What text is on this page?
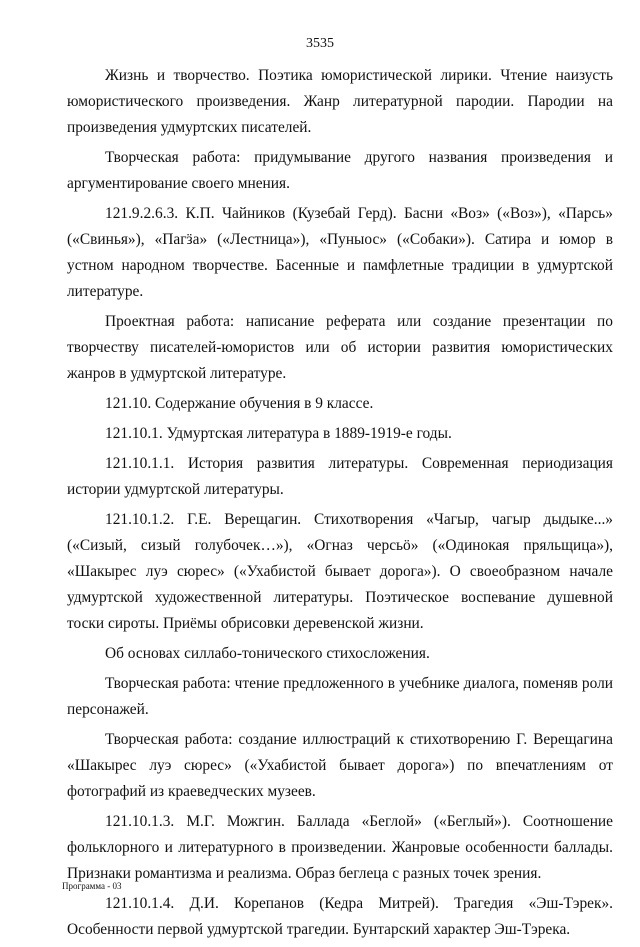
3535

Жизнь и творчество. Поэтика юмористической лирики. Чтение наизусть юмористического произведения. Жанр литературной пародии. Пародии на произведения удмуртских писателей.

Творческая работа: придумывание другого названия произведения и аргументирование своего мнения.

121.9.2.6.3. К.П. Чайников (Кузебай Герд). Басни «Воз» («Воз»), «Парсь» («Свинья»), «Пагӟа» («Лестница»), «Пуныос» («Собаки»). Сатира и юмор в устном народном творчестве. Басенные и памфлетные традиции в удмуртской литературе.

Проектная работа: написание реферата или создание презентации по творчеству писателей-юмористов или об истории развития юмористических жанров в удмуртской литературе.

121.10. Содержание обучения в 9 классе.

121.10.1. Удмуртская литература в 1889-1919-е годы.

121.10.1.1. История развития литературы. Современная периодизация истории удмуртской литературы.

121.10.1.2. Г.Е. Верещагин. Стихотворения «Чагыр, чагыр дыдыке...» («Сизый, сизый голубочек…»), «Огназ черсьӧ» («Одинокая пряльщица»), «Шакырес луэ сюрес» («Ухабистой бывает дорога»). О своеобразном начале удмуртской художественной литературы. Поэтическое воспевание душевной тоски сироты. Приёмы обрисовки деревенской жизни.

Об основах силлабо-тонического стихосложения.

Творческая работа: чтение предложенного в учебнике диалога, поменяв роли персонажей.

Творческая работа: создание иллюстраций к стихотворению Г. Верещагина «Шакырес луэ сюрес» («Ухабистой бывает дорога») по впечатлениям от фотографий из краеведческих музеев.

121.10.1.3. М.Г. Можгин. Баллада «Беглой» («Беглый»). Соотношение фольклорного и литературного в произведении. Жанровые особенности баллады. Признаки романтизма и реализма. Образ беглеца с разных точек зрения.

121.10.1.4. Д.И. Корепанов (Кедра Митрей). Трагедия «Эш-Тэрек». Особенности первой удмуртской трагедии. Бунтарский характер Эш-Тэрека.

Программа - 03
